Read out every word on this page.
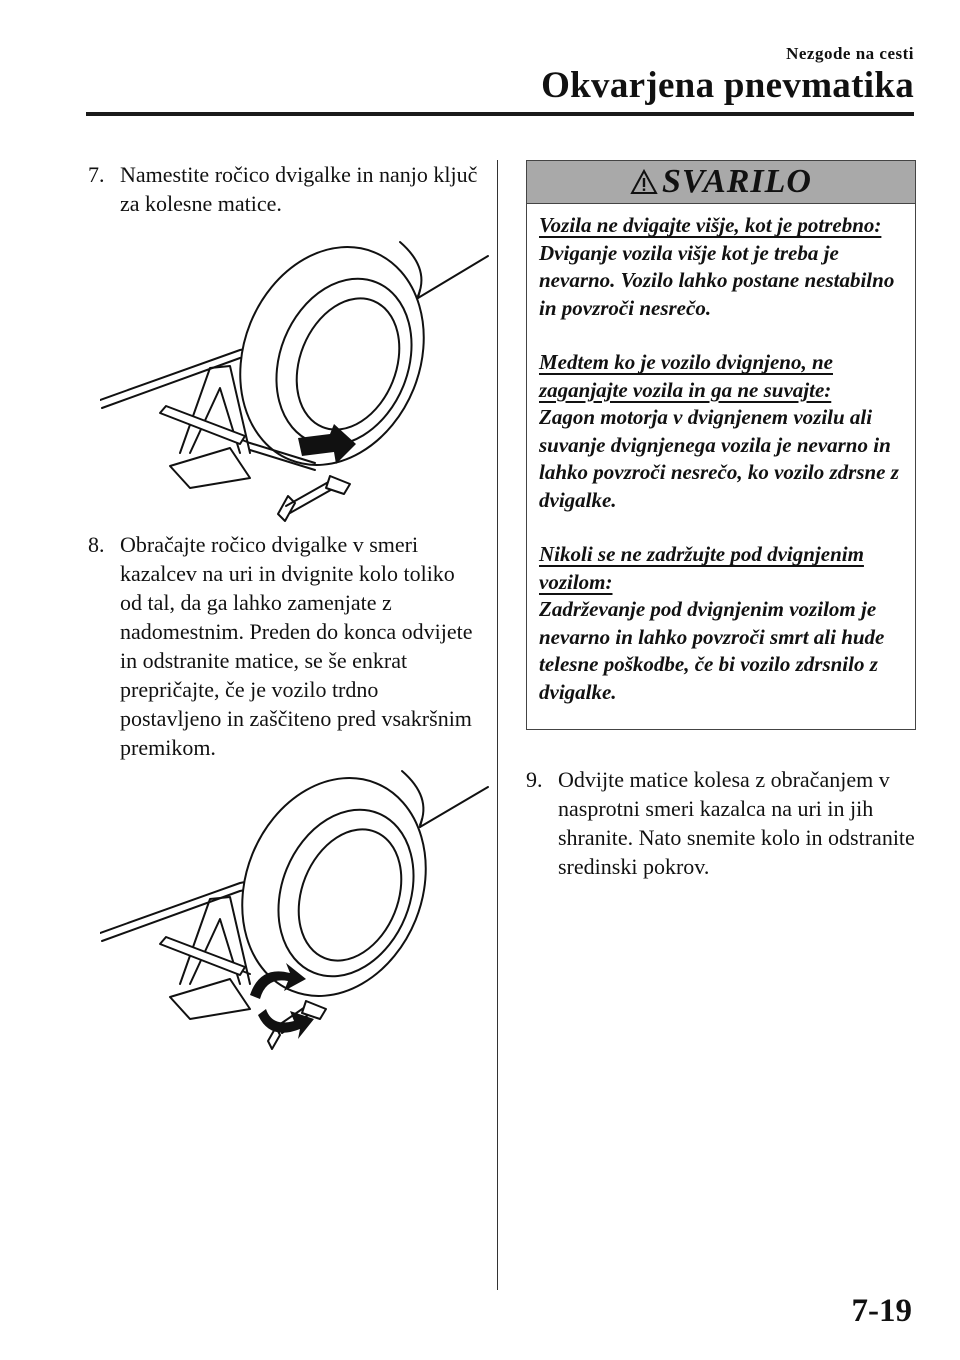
Nezgode na cesti
Okvarjena pnevmatika
7. Namestite ročico dvigalke in nanjo ključ za kolesne matice.
8. Obračajte ročico dvigalke v smeri kazalcev na uri in dvignite kolo toliko od tal, da ga lahko zamenjate z nadomestnim. Preden do konca odvijete in odstranite matice, se še enkrat prepričajte, če je vozilo trdno postavljeno in zaščiteno pred vsakršnim premikom.
SVARILO
Vozila ne dvigajte višje, kot je potrebno:
Dviganje vozila višje kot je treba je nevarno. Vozilo lahko postane nestabilno in povzroči nesrečo.
Medtem ko je vozilo dvignjeno, ne zaganjajte vozila in ga ne suvajte:
Zagon motorja v dvignjenem vozilu ali suvanje dvignjenega vozila je nevarno in lahko povzroči nesrečo, ko vozilo zdrsne z dvigalke.
Nikoli se ne zadržujte pod dvignjenim vozilom:
Zadrževanje pod dvignjenim vozilom je nevarno in lahko povzroči smrt ali hude telesne poškodbe, če bi vozilo zdrsnilo z dvigalke.
9. Odvijte matice kolesa z obračanjem v nasprotni smeri kazalca na uri in jih shranite. Nato snemite kolo in odstranite sredinski pokrov.
7-19
